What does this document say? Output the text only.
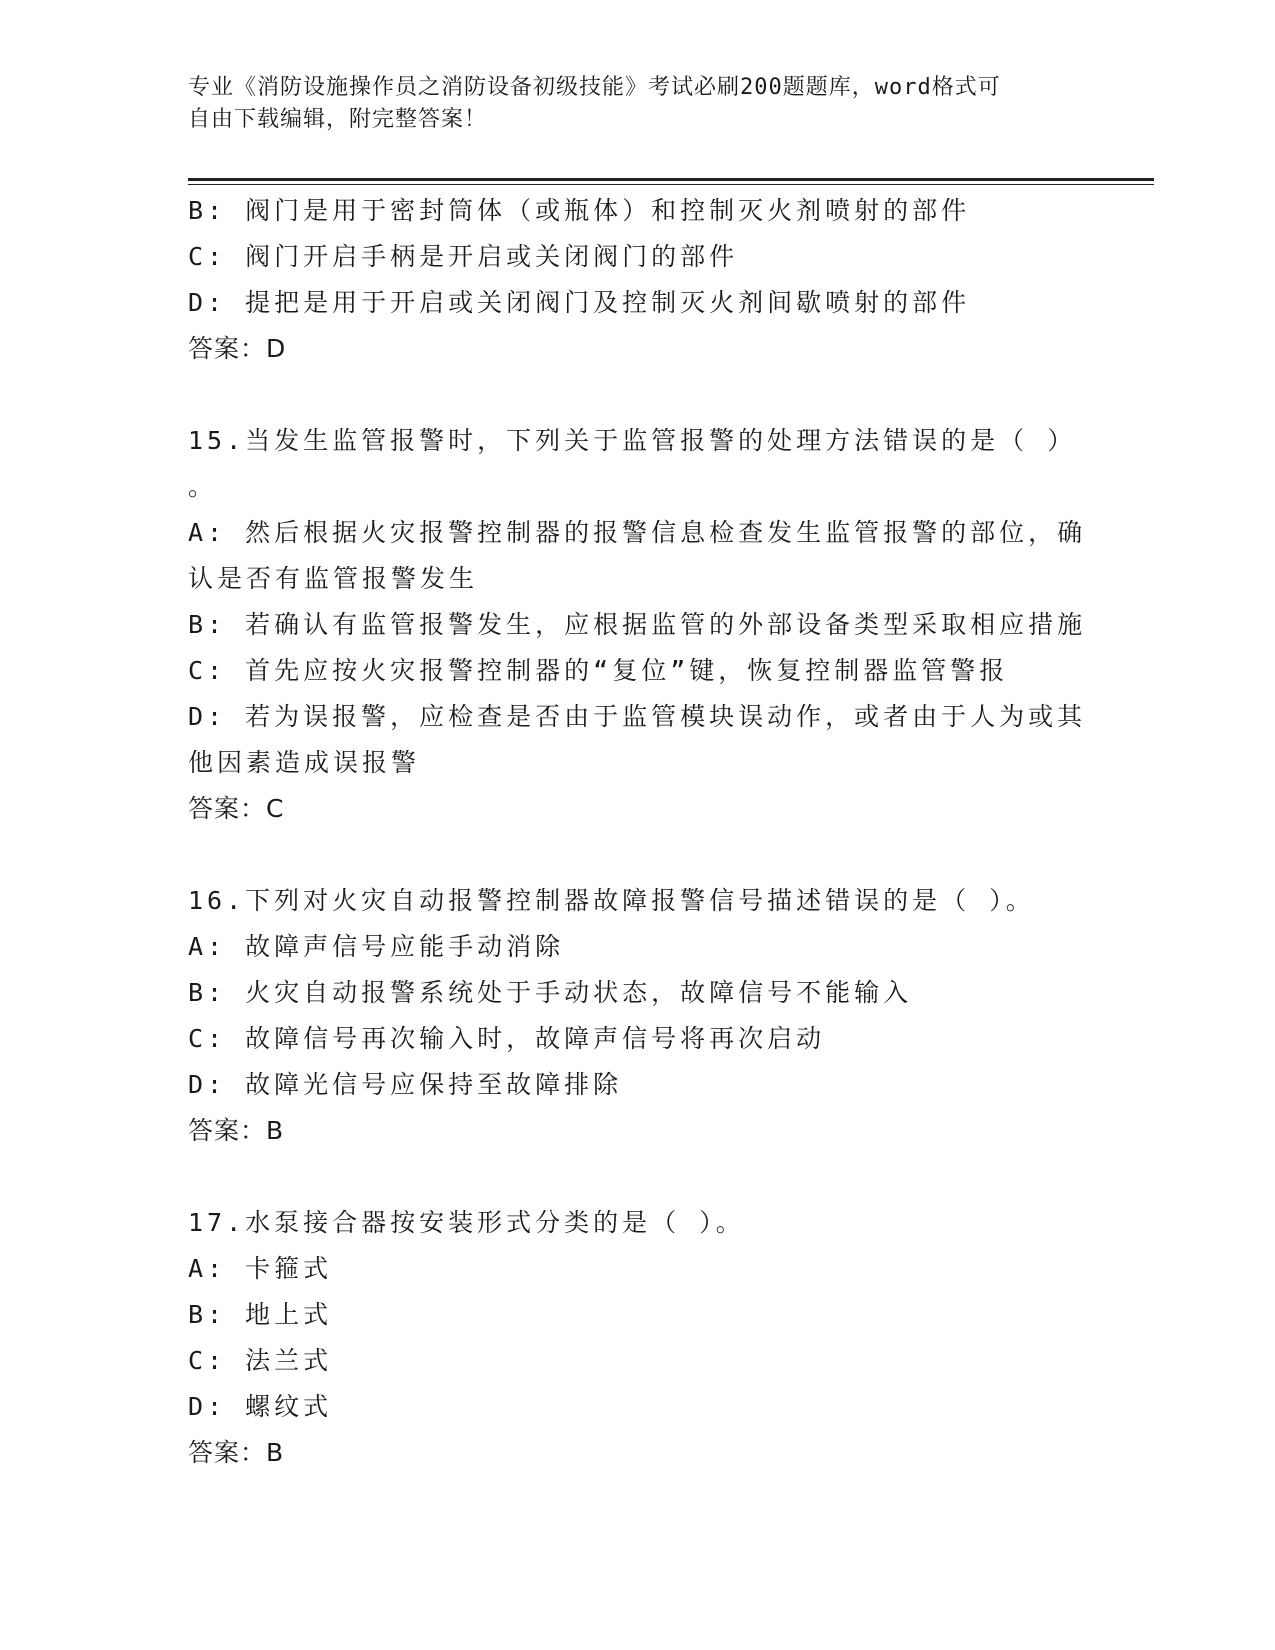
专业《消防设施操作员之消防设备初级技能》考试必刷200题题库，word格式可
自由下载编辑，附完整答案！
B: 阀门是用于密封筒体（或瓶体）和控制灭火剂喷射的部件
C: 阀门开启手柄是开启或关闭阀门的部件
D: 提把是用于开启或关闭阀门及控制灭火剂间歇喷射的部件
答案：D
15.当发生监管报警时，下列关于监管报警的处理方法错误的是（ ）
。
A: 然后根据火灾报警控制器的报警信息检查发生监管报警的部位，确
认是否有监管报警发生
B: 若确认有监管报警发生，应根据监管的外部设备类型采取相应措施
C: 首先应按火灾报警控制器的“复位”键，恢复控制器监管警报
D: 若为误报警，应检查是否由于监管模块误动作，或者由于人为或其
他因素造成误报警
答案：C
16.下列对火灾自动报警控制器故障报警信号描述错误的是（ ）。
A: 故障声信号应能手动消除
B: 火灾自动报警系统处于手动状态，故障信号不能输入
C: 故障信号再次输入时，故障声信号将再次启动
D: 故障光信号应保持至故障排除
答案：B
17.水泵接合器按安装形式分类的是（ ）。
A: 卡箍式
B: 地上式
C: 法兰式
D: 螺纹式
答案：B
